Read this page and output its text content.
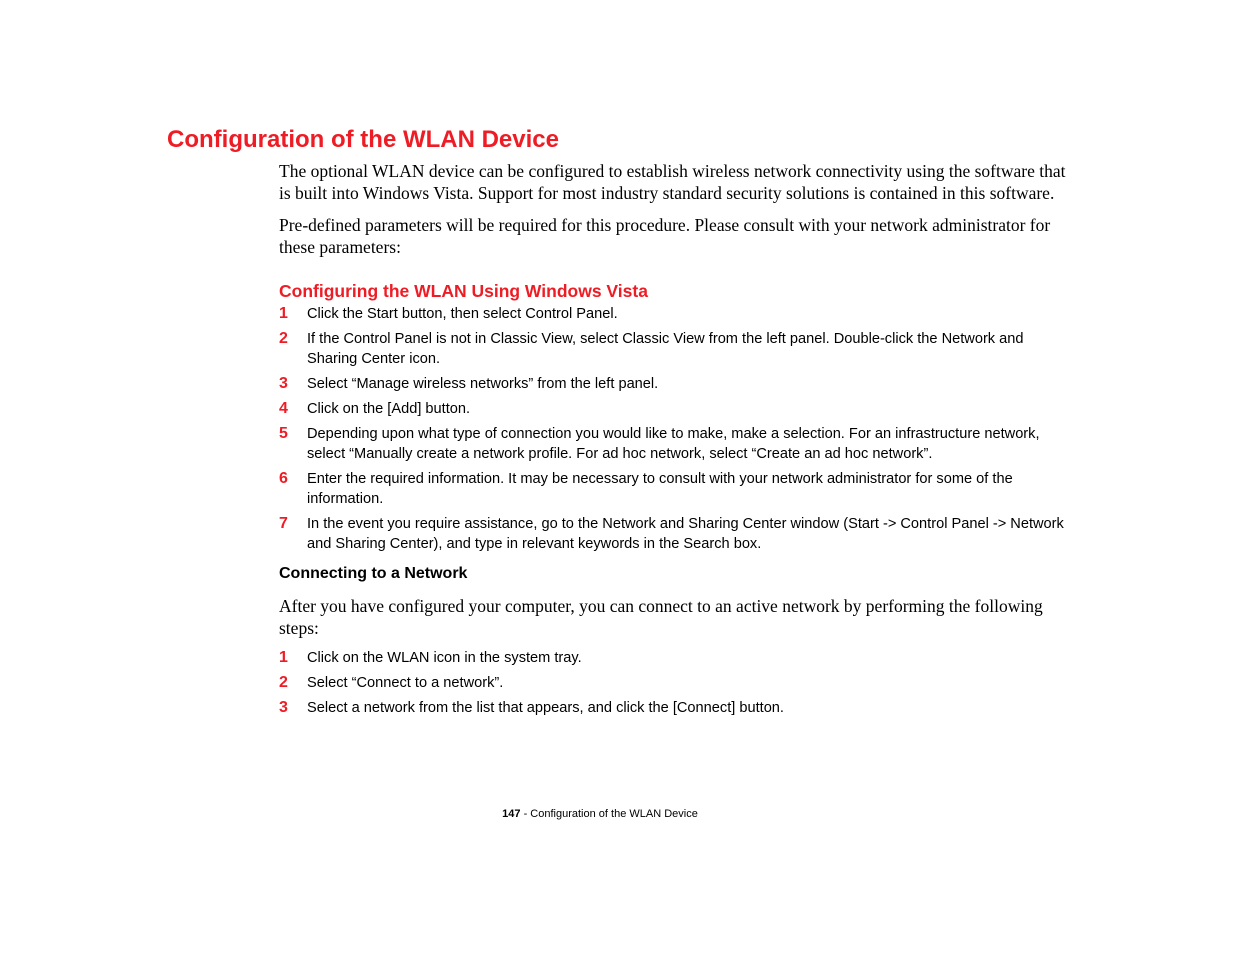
Configuration of the WLAN Device

The optional WLAN device can be configured to establish wireless network connectivity using the software that is built into Windows Vista. Support for most industry standard security solutions is contained in this software.

Pre-defined parameters will be required for this procedure. Please consult with your network administrator for these parameters:

Configuring the WLAN Using Windows Vista
1 Click the Start button, then select Control Panel.
2 If the Control Panel is not in Classic View, select Classic View from the left panel. Double-click the Network and Sharing Center icon.
3 Select “Manage wireless networks” from the left panel.
4 Click on the [Add] button.
5 Depending upon what type of connection you would like to make, make a selection. For an infrastructure network, select “Manually create a network profile. For ad hoc network, select “Create an ad hoc network”.
6 Enter the required information. It may be necessary to consult with your network administrator for some of the information.
7 In the event you require assistance, go to the Network and Sharing Center window (Start -> Control Panel -> Network and Sharing Center), and type in relevant keywords in the Search box.
Connecting to a Network

After you have configured your computer, you can connect to an active network by performing the following steps:

1 Click on the WLAN icon in the system tray.
2 Select “Connect to a network”.
3 Select a network from the list that appears, and click the [Connect] button.
147 - Configuration of the WLAN Device
